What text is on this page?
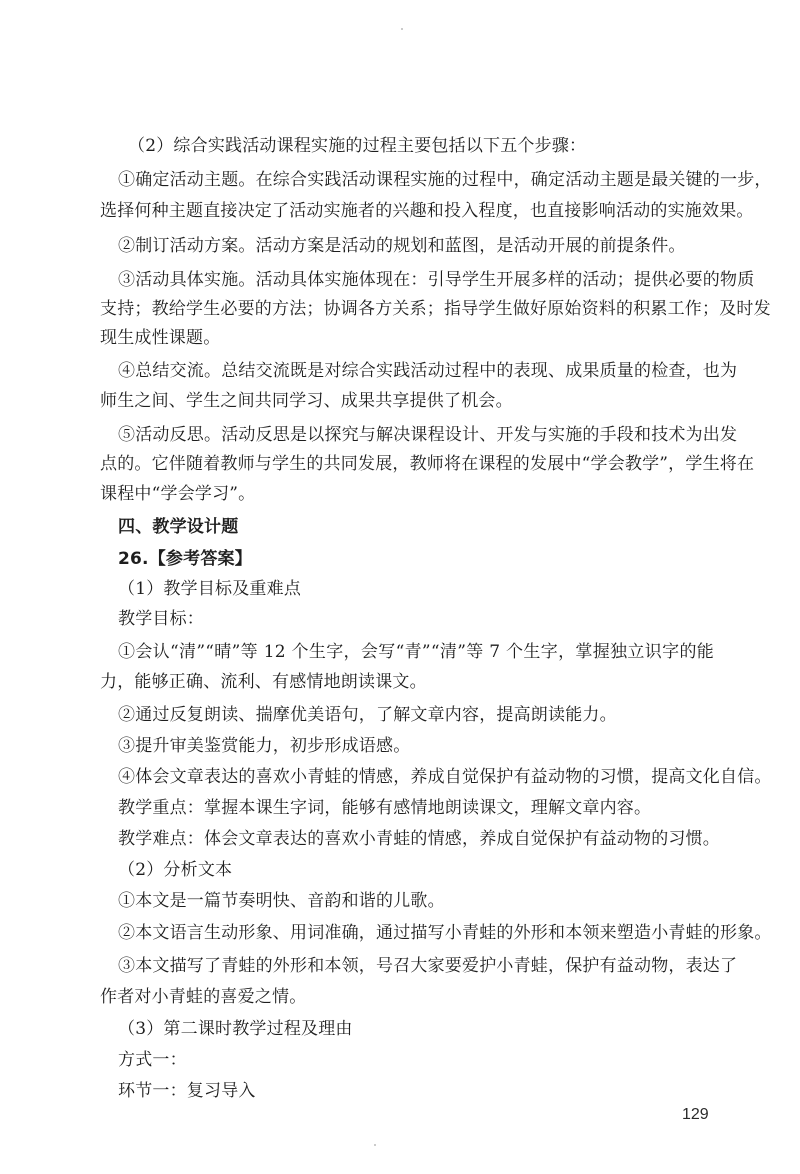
（2）综合实践活动课程实施的过程主要包括以下五个步骤：
①确定活动主题。在综合实践活动课程实施的过程中，确定活动主题是最关键的一步，
选择何种主题直接决定了活动实施者的兴趣和投入程度，也直接影响活动的实施效果。
②制订活动方案。活动方案是活动的规划和蓝图，是活动开展的前提条件。
③活动具体实施。活动具体实施体现在：引导学生开展多样的活动；提供必要的物质
支持；教给学生必要的方法；协调各方关系；指导学生做好原始资料的积累工作；及时发
现生成性课题。
④总结交流。总结交流既是对综合实践活动过程中的表现、成果质量的检查，也为
师生之间、学生之间共同学习、成果共享提供了机会。
⑤活动反思。活动反思是以探究与解决课程设计、开发与实施的手段和技术为出发
点的。它伴随着教师与学生的共同发展，教师将在课程的发展中“学会教学”，学生将在
课程中“学会学习”。
四、教学设计题
26.【参考答案】
（1）教学目标及重难点
教学目标：
①会认“清”“晴”等 12 个生字，会写“青”“清”等 7 个生字，掌握独立识字的能
力，能够正确、流利、有感情地朗读课文。
②通过反复朗读、揣摩优美语句，了解文章内容，提高朗读能力。
③提升审美鉴赏能力，初步形成语感。
④体会文章表达的喜欢小青蛙的情感，养成自觉保护有益动物的习惯，提高文化自信。
教学重点：掌握本课生字词，能够有感情地朗读课文，理解文章内容。
教学难点：体会文章表达的喜欢小青蛙的情感，养成自觉保护有益动物的习惯。
（2）分析文本
①本文是一篇节奏明快、音韵和谐的儿歌。
②本文语言生动形象、用词准确，通过描写小青蛙的外形和本领来塑造小青蛙的形象。
③本文描写了青蛙的外形和本领，号召大家要爱护小青蛙，保护有益动物，表达了
作者对小青蛙的喜爱之情。
（3）第二课时教学过程及理由
方式一：
环节一：复习导入
129
